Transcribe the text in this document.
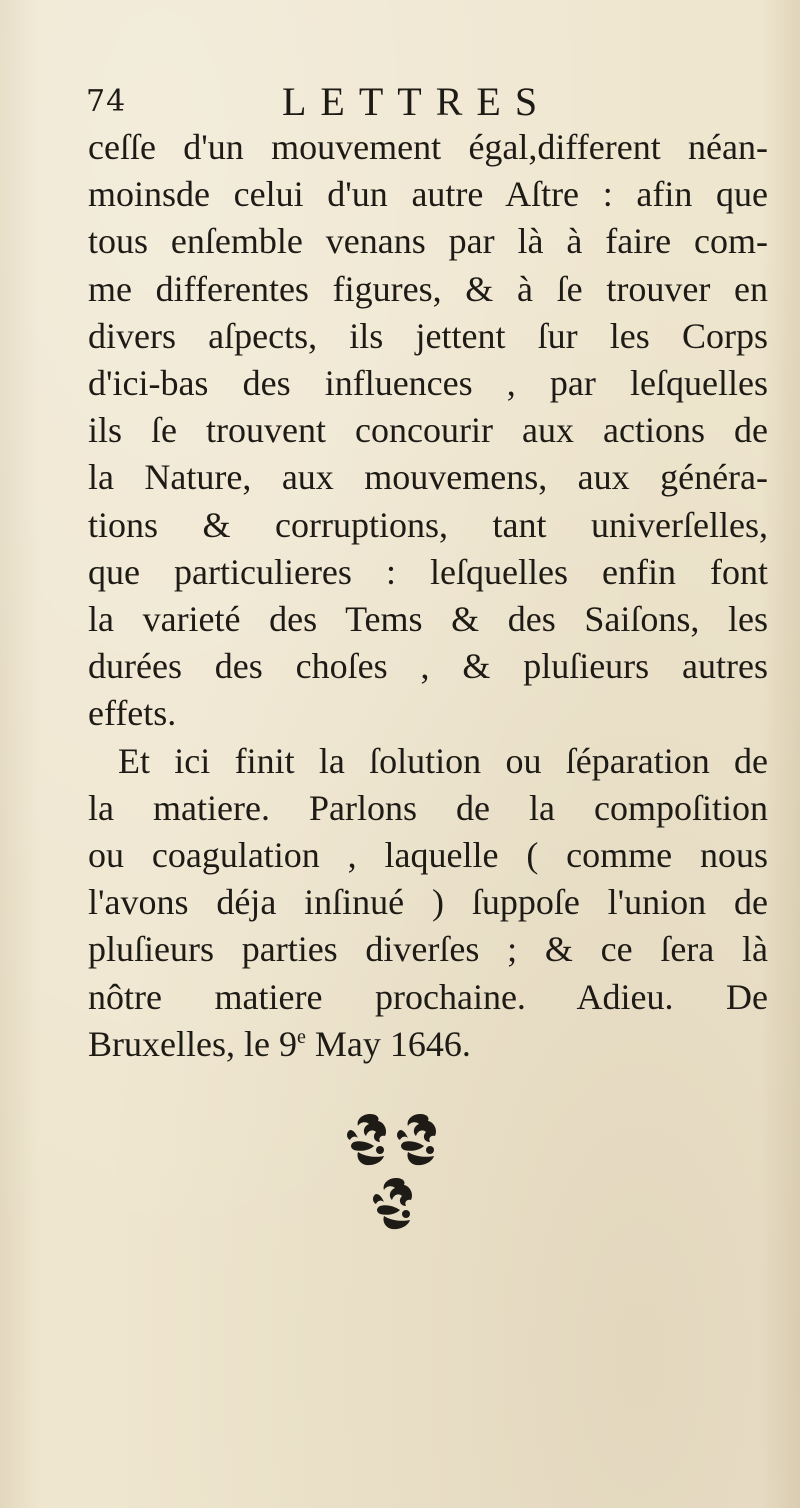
74	LETTRES
ceſſe d'un mouvement égal,different néan-
moinsde celui d'un autre Aſtre : afin que
tous enſemble venans par là à faire com-
me differentes figures, & à ſe trouver en
divers aſpects, ils jettent ſur les Corps
d'ici-bas des influences , par leſquelles
ils ſe trouvent concourir aux actions de
la Nature, aux mouvemens, aux généra-
tions & corruptions, tant univerſelles,
que particulieres : leſquelles enfin font
la varieté des Tems & des Saiſons, les
durées des choſes , & pluſieurs autres
effets.
Et ici finit la ſolution ou ſéparation de
la matiere. Parlons de la compoſition
ou coagulation , laquelle ( comme nous
l'avons déja inſinué ) ſuppoſe l'union de
pluſieurs parties diverſes ; & ce ſera là
nôtre matiere prochaine. Adieu. De
Bruxelles, le 9e May 1646.
